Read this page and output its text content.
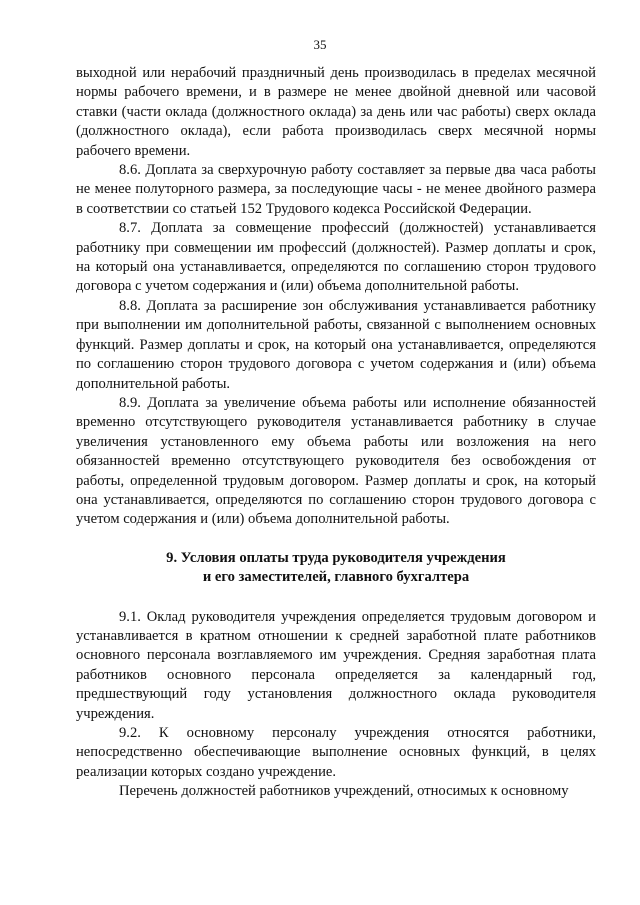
35

выходной или нерабочий праздничный день производилась в пределах месячной нормы рабочего времени, и в размере не менее двойной дневной или часовой ставки (части оклада (должностного оклада) за день или час работы) сверх оклада (должностного оклада), если работа производилась сверх месячной нормы рабочего времени.

8.6. Доплата за сверхурочную работу составляет за первые два часа работы не менее полуторного размера, за последующие часы - не менее двойного размера в соответствии со статьей 152 Трудового кодекса Российской Федерации.

8.7. Доплата за совмещение профессий (должностей) устанавливается работнику при совмещении им профессий (должностей). Размер доплаты и срок, на который она устанавливается, определяются по соглашению сторон трудового договора с учетом содержания и (или) объема дополнительной работы.

8.8. Доплата за расширение зон обслуживания устанавливается работнику при выполнении им дополнительной работы, связанной с выполнением основных функций. Размер доплаты и срок, на который она устанавливается, определяются по соглашению сторон трудового договора с учетом содержания и (или) объема дополнительной работы.

8.9. Доплата за увеличение объема работы или исполнение обязанностей временно отсутствующего руководителя устанавливается работнику в случае увеличения установленного ему объема работы или возложения на него обязанностей временно отсутствующего руководителя без освобождения от работы, определенной трудовым договором. Размер доплаты и срок, на который она устанавливается, определяются по соглашению сторон трудового договора с учетом содержания и (или) объема дополнительной работы.

9. Условия оплаты труда руководителя учреждения
и его заместителей, главного бухгалтера

9.1. Оклад руководителя учреждения определяется трудовым договором и устанавливается в кратном отношении к средней заработной плате работников основного персонала возглавляемого им учреждения. Средняя заработная плата работников основного персонала определяется за календарный год, предшествующий году установления должностного оклада руководителя учреждения.

9.2. К основному персоналу учреждения относятся работники, непосредственно обеспечивающие выполнение основных функций, в целях реализации которых создано учреждение.

Перечень должностей работников учреждений, относимых к основному
